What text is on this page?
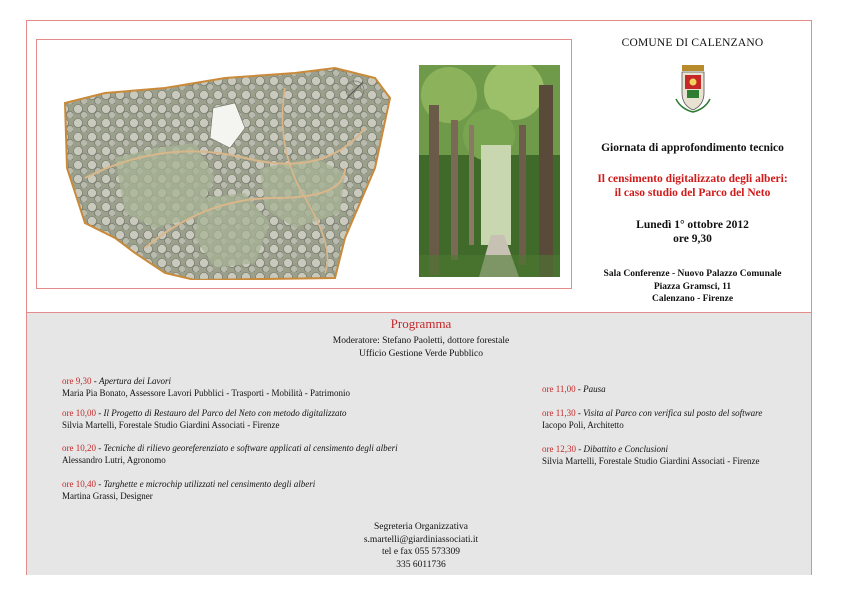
COMUNE DI CALENZANO
Giornata di approfondimento tecnico
Il censimento digitalizzato degli alberi:
il caso studio del Parco del Neto
Lunedì 1° ottobre 2012
ore 9,30
Sala Conferenze - Nuovo Palazzo Comunale
Piazza Gramsci, 11
Calenzano - Firenze
Programma
Moderatore: Stefano Paoletti, dottore forestale
Ufficio Gestione Verde Pubblico
ore 9,30 - Apertura dei Lavori
Maria Pia Bonato, Assessore Lavori Pubblici - Trasporti - Mobilità - Patrimonio
ore 10,00 - Il Progetto di Restauro del Parco del Neto con metodo digitalizzato
Silvia Martelli, Forestale Studio Giardini Associati - Firenze
ore 10,20 - Tecniche di rilievo georeferenziato e software applicati al censimento degli alberi
Alessandro Lutri, Agronomo
ore 10,40 - Targhette e microchip utilizzati nel censimento degli alberi
Martina Grassi, Designer
ore 11,00 - Pausa
ore 11,30 - Visita al Parco con verifica sul posto del software
Iacopo Poli, Architetto
ore 12,30 - Dibattito e Conclusioni
Silvia Martelli, Forestale Studio Giardini Associati - Firenze
Segreteria Organizzativa
s.martelli@giardiniassociati.it
tel e fax 055 573309
335 6011736
